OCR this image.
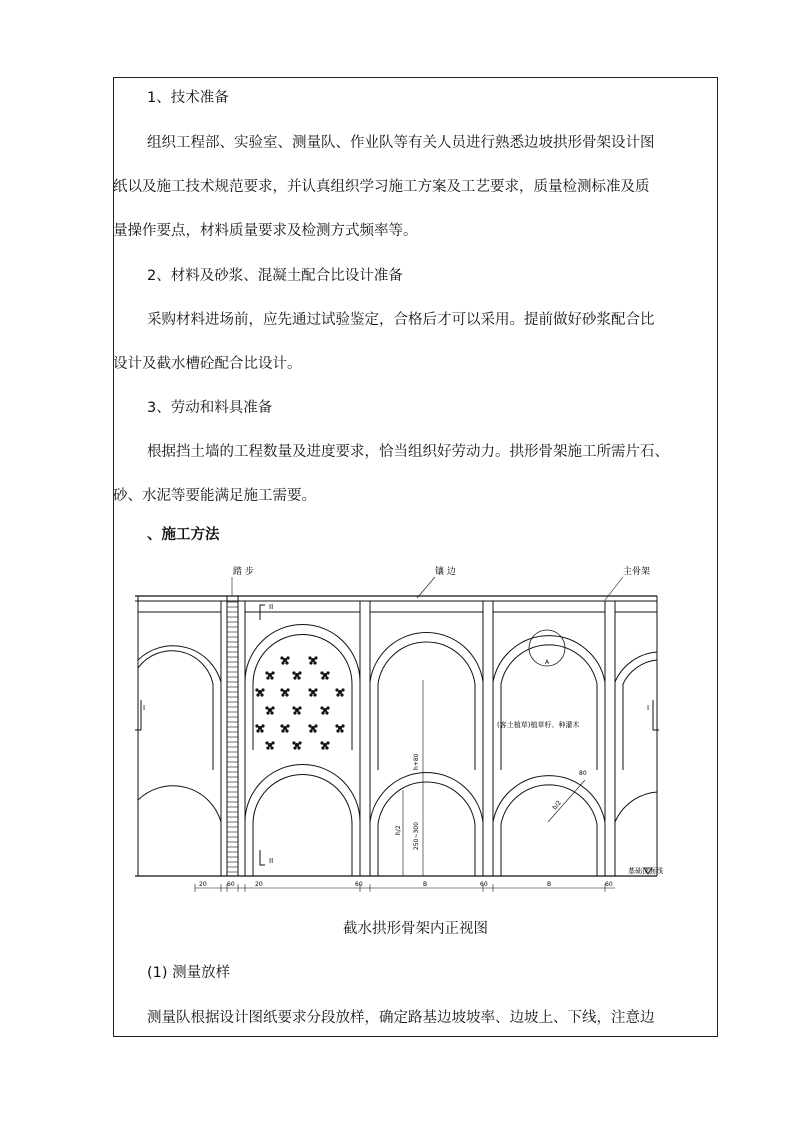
1、技术准备
组织工程部、实验室、测量队、作业队等有关人员进行熟悉边坡拱形骨架设计图
纸以及施工技术规范要求，并认真组织学习施工方案及工艺要求，质量检测标准及质
量操作要点，材料质量要求及检测方式频率等。
2、材料及砂浆、混凝土配合比设计准备
采购材料进场前，应先通过试验鉴定，合格后才可以采用。提前做好砂浆配合比
设计及截水槽砼配合比设计。
3、劳动和料具准备
根据挡土墙的工程数量及进度要求，恰当组织好劳动力。拱形骨架施工所需片石、
砂、水泥等要能满足施工需要。
、施工方法
踏 步	镶 边	主骨架
(客土植草)植草籽、种灌木
基础顶面线
II
II
I	I
A
h+80
250~300
h/2
b/2
80
20	60	20	60	B	60	B	60
截水拱形骨架内正视图
(1) 测量放样
测量队根据设计图纸要求分段放样，确定路基边坡坡率、边坡上、下线，注意边
